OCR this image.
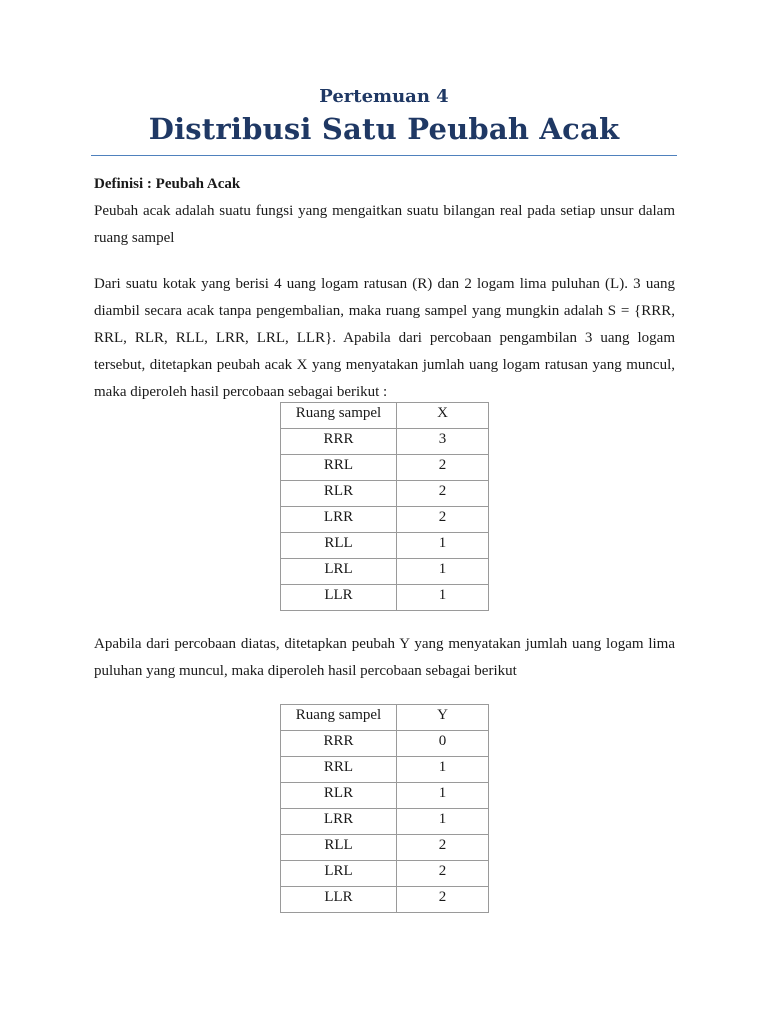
Pertemuan 4
Distribusi Satu Peubah Acak
Definisi : Peubah Acak
Peubah acak adalah suatu fungsi yang mengaitkan suatu bilangan real pada setiap unsur dalam ruang sampel
Dari suatu kotak yang berisi 4 uang logam ratusan (R) dan 2 logam lima puluhan (L). 3 uang diambil secara acak tanpa pengembalian, maka ruang sampel yang mungkin adalah S = {RRR, RRL, RLR, RLL, LRR, LRL, LLR}. Apabila dari percobaan pengambilan 3 uang logam tersebut, ditetapkan peubah acak X yang menyatakan jumlah uang logam ratusan yang muncul, maka diperoleh hasil percobaan sebagai berikut :
Ruang sampel	X
RRR	3
RRL	2
RLR	2
LRR	2
RLL	1
LRL	1
LLR	1
Apabila dari percobaan diatas, ditetapkan peubah Y yang menyatakan jumlah uang logam lima puluhan yang muncul, maka diperoleh hasil percobaan sebagai berikut
Ruang sampel	Y
RRR	0
RRL	1
RLR	1
LRR	1
RLL	2
LRL	2
LLR	2
